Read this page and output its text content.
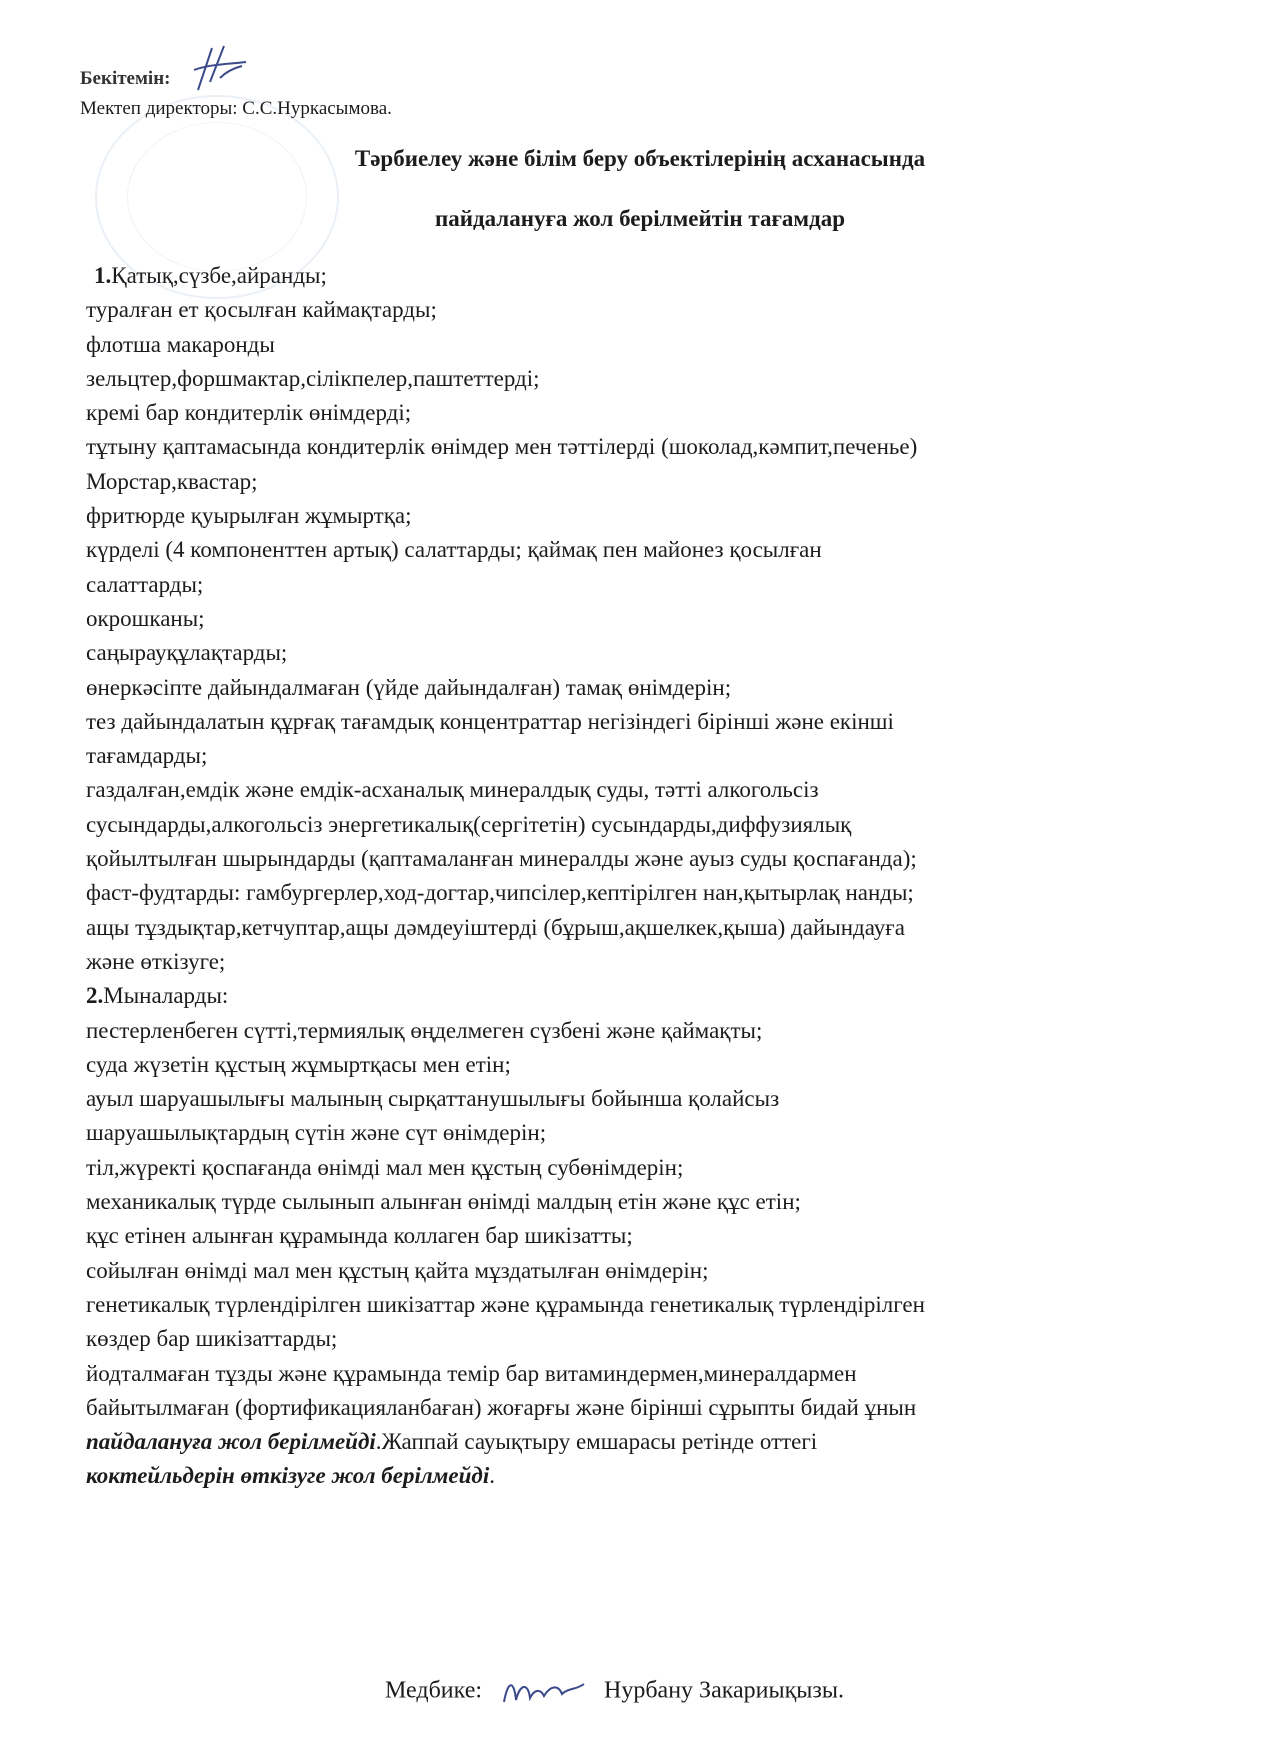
Бекітемін:
Мектеп директоры: С.С.Нуркасымова.
Тәрбиелеу және білім беру объектілерінің асханасында
пайдалануға жол берілмейтін тағамдар
1.Қатық,сүзбе,айранды;
туралған ет қосылған каймақтарды;
флотша макаронды
зельцтер,форшмактар,сілікпелер,паштеттерді;
кремі бар кондитерлік өнімдерді;
тұтыну қаптамасында кондитерлік өнімдер мен тәттілерді (шоколад,кәмпит,печенье)
Морстар,квастар;
фритюрде қуырылған жұмыртқа;
күрделі (4 компоненттен артық) салаттарды; қаймақ пен майонез қосылған
салаттарды;
окрошканы;
саңырауқұлақтарды;
өнеркәсіпте дайындалмаған (үйде дайындалған) тамақ өнімдерін;
тез дайындалатын құрғақ тағамдық концентраттар негізіндегі бірінші және екінші
тағамдарды;
газдалған,емдік және емдік-асханалық минералдық суды, тәтті алкогольсіз
сусындарды,алкогольсіз энергетикалық(сергітетін) сусындарды,диффузиялық
қойылтылған шырындарды (қаптамаланған минералды және ауыз суды қоспағанда);
фаст-фудтарды: гамбургерлер,ход-догтар,чипсілер,кептірілген нан,қытырлақ нанды;
ащы тұздықтар,кетчуптар,ащы дәмдеуіштерді (бұрыш,ақшелкек,қыша) дайындауға
және өткізуге;
2.Мыналарды:
пестерленбеген сүтті,термиялық өңделмеген сүзбені және қаймақты;
суда жүзетін құстың жұмыртқасы мен етін;
ауыл шаруашылығы малының сырқаттанушылығы бойынша қолайсыз
шаруашылықтардың сүтін және сүт өнімдерін;
тіл,жүректі қоспағанда өнімді мал мен құстың субөнімдерін;
механикалық түрде сылынып алынған өнімді малдың етін және құс етін;
құс етінен алынған құрамында коллаген бар шикізатты;
сойылған өнімді мал мен құстың қайта мұздатылған өнімдерін;
генетикалық түрлендірілген шикізаттар және құрамында генетикалық түрлендірілген
көздер бар шикізаттарды;
йодталмаған тұзды және құрамында темір бар витаминдермен,минералдармен
байытылмаған (фортификацияланбаған) жоғарғы және бірінші сұрыпты бидай ұнын
пайдалануға жол берілмейді.Жаппай сауықтыру емшарасы ретінде оттегі
коктейльдерін өткізуге жол берілмейді.
Медбике:	Нурбану Закариықызы.
